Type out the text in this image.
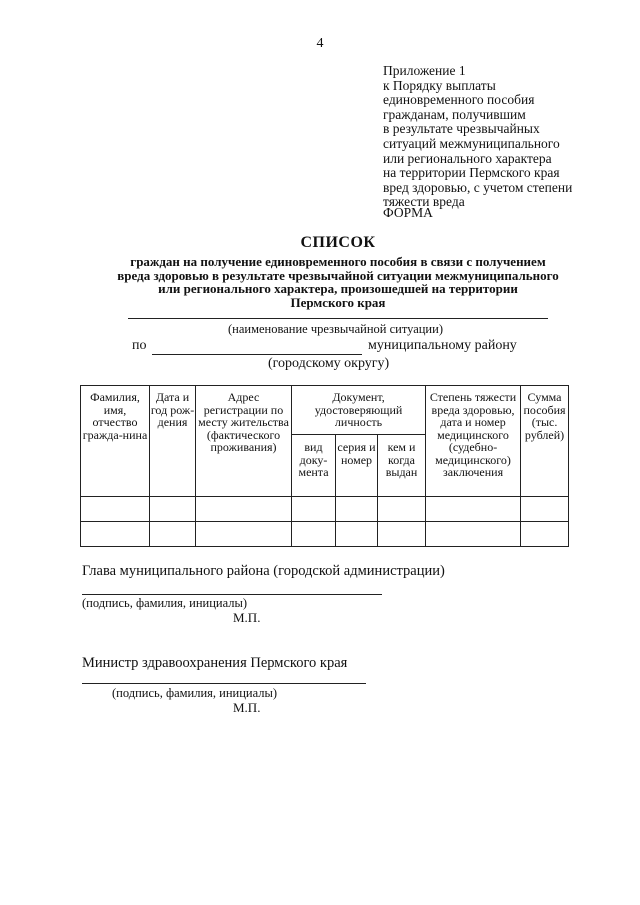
4
Приложение 1
к Порядку выплаты
единовременного пособия
гражданам, получившим
в результате чрезвычайных
ситуаций межмуниципального
или регионального характера
на территории Пермского края
вред здоровью, с учетом степени
тяжести вреда
ФОРМА
СПИСОК
граждан на получение единовременного пособия в связи с получением
вреда здоровью в результате чрезвычайной ситуации межмуниципального
или регионального характера, произошедшей на территории
Пермского края
(наименование чрезвычайной ситуации)
по	муниципальному району
(городскому округу)
Фамилия, имя, отчество гражда-нина	Дата и год рож-дения	Адрес регистрации по месту жительства (фактического проживания)	Документ, удостоверяющий личность			Степень тяжести вреда здоровью, дата и номер медицинского (судебно-медицинского) заключения	Сумма пособия (тыс. рублей)
			вид доку-мента	серия и номер	кем и когда выдан		

Глава муниципального района (городской администрации)
(подпись, фамилия, инициалы)
М.П.
Министр здравоохранения Пермского края
(подпись, фамилия, инициалы)
М.П.
